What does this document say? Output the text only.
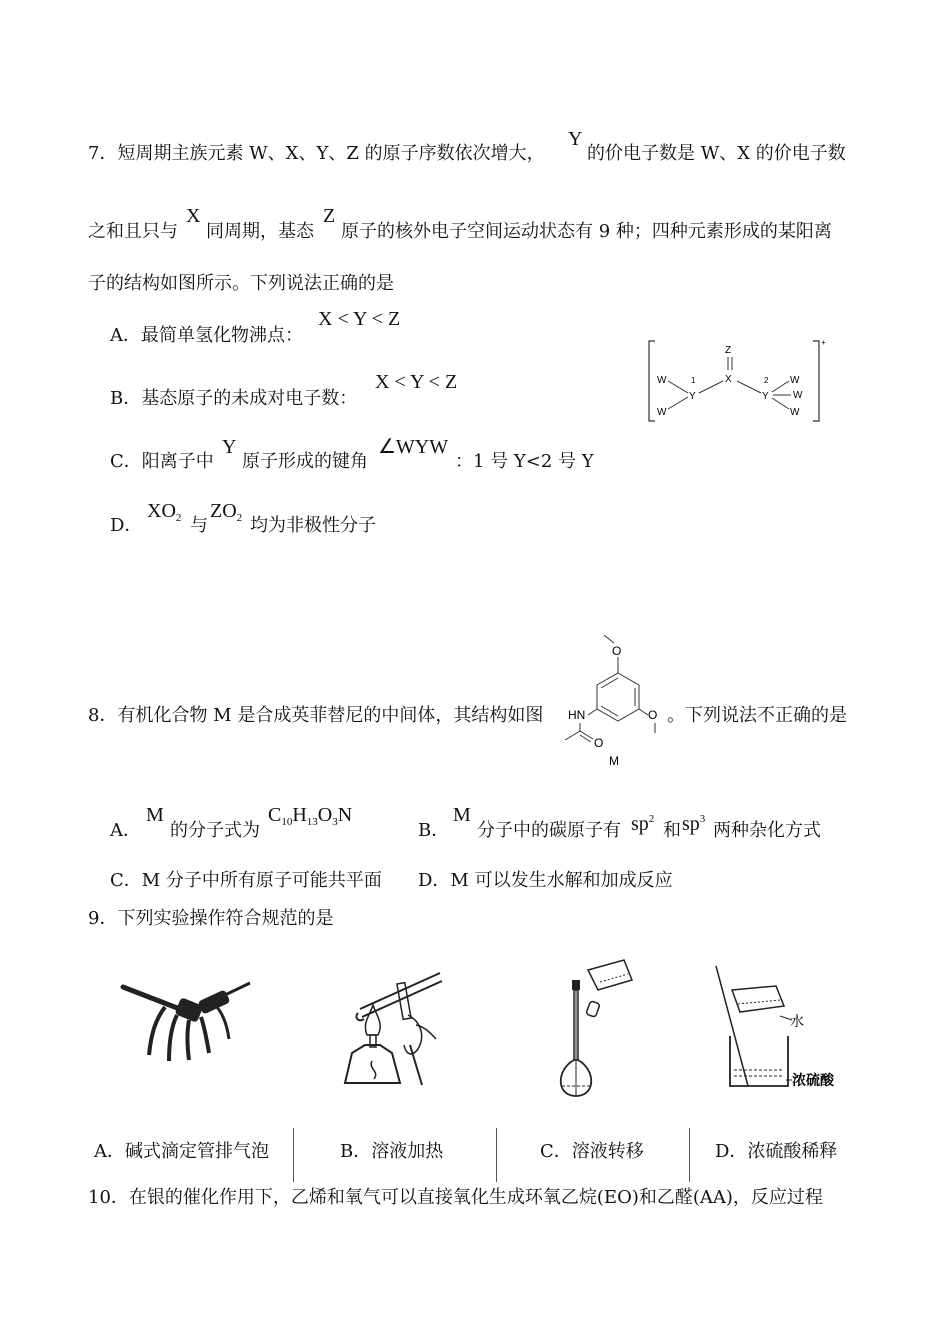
7．短周期主族元素 W、X、Y、Z 的原子序数依次增大，
Y
的价电子数是 W、X 的价电子数
之和且只与
X
同周期，基态
Z
原子的核外电子空间运动状态有 9 种；四种元素形成的某阳离
子的结构如图所示。下列说法正确的是
A．最简单氢化物沸点：
X < Y < Z
B．基态原子的未成对电子数：
X < Y < Z
C．阳离子中
Y
原子形成的键角
∠WYW
：1 号 Y<2 号 Y
D．
$XO_2$ 与
$ZO_2$ 均为非极性分子
+
Z
X
Y
1
Y
2
W
W
W
W
W
8．有机化合物 M 是合成英菲替尼的中间体，其结构如图
O
O
HN
O
M
。下列说法不正确的是
A．
M
的分子式为
$C_{10}H_{13}O_3N$
B．
M
分子中的碳原子有 $sp^2$
和 $sp^3$
两种杂化方式
C．M 分子中所有原子可能共平面 D．M 可以发生水解和加成反应
9．下列实验操作符合规范的是
水
浓硫酸
A．碱式滴定管排气泡	B．溶液加热	C．溶液转移	D．浓硫酸稀释
10．在银的催化作用下，乙烯和氧气可以直接氧化生成环氧乙烷(EO)和乙醛(AA)，反应过程
